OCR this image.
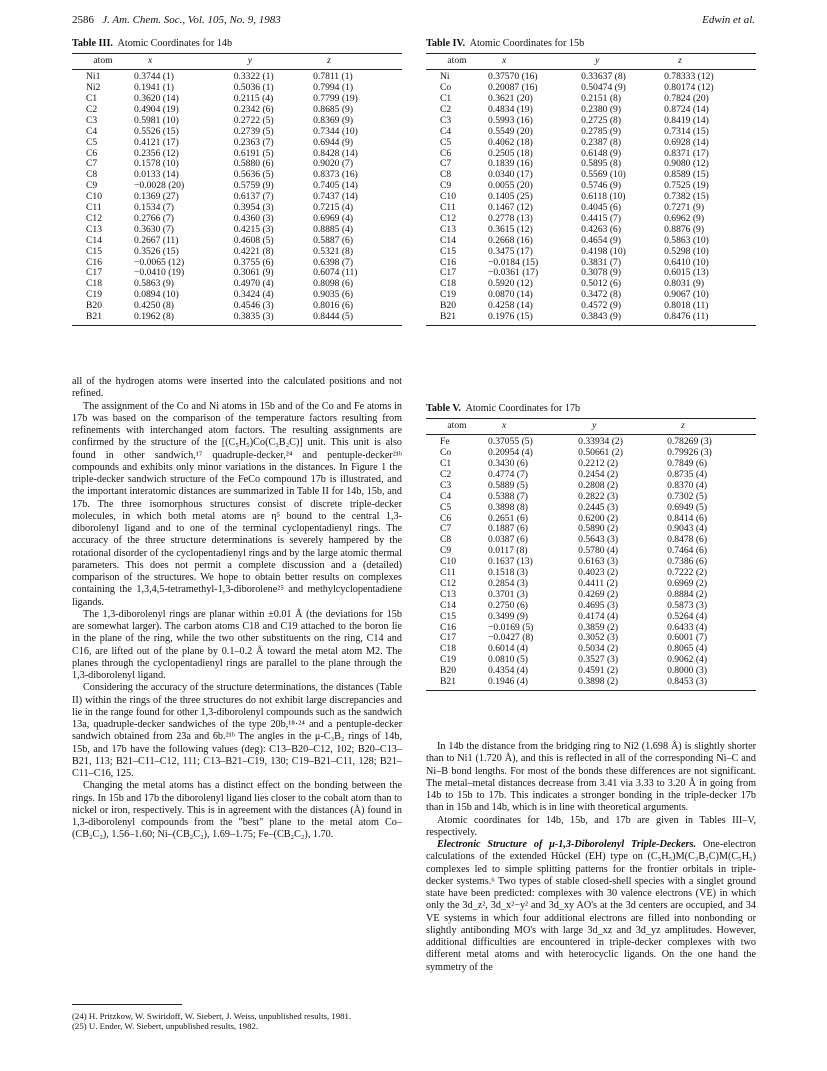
2586 J. Am. Chem. Soc., Vol. 105, No. 9, 1983	Edwin et al.
Table III. Atomic Coordinates for 14b
atom	x	y	z
Ni1	0.3744 (1)	0.3322 (1)	0.7811 (1)
Ni2	0.1941 (1)	0.5036 (1)	0.7994 (1)
C1	0.3620 (14)	0.2115 (4)	0.7799 (19)
C2	0.4904 (19)	0.2342 (6)	0.8685 (9)
C3	0.5981 (10)	0.2722 (5)	0.8369 (9)
C4	0.5526 (15)	0.2739 (5)	0.7344 (10)
C5	0.4121 (17)	0.2363 (7)	0.6944 (9)
C6	0.2356 (12)	0.6191 (5)	0.8428 (14)
C7	0.1578 (10)	0.5880 (6)	0.9020 (7)
C8	0.0133 (14)	0.5636 (5)	0.8373 (16)
C9	−0.0028 (20)	0.5759 (9)	0.7405 (14)
C10	0.1369 (27)	0.6137 (7)	0.7437 (14)
C11	0.1534 (7)	0.3954 (3)	0.7215 (4)
C12	0.2766 (7)	0.4360 (3)	0.6969 (4)
C13	0.3630 (7)	0.4215 (3)	0.8885 (4)
C14	0.2667 (11)	0.4608 (5)	0.5887 (6)
C15	0.3526 (15)	0.4221 (8)	0.5321 (8)
C16	−0.0065 (12)	0.3755 (6)	0.6398 (7)
C17	−0.0410 (19)	0.3061 (9)	0.6074 (11)
C18	0.5863 (9)	0.4970 (4)	0.8098 (6)
C19	0.0894 (10)	0.3424 (4)	0.9035 (6)
B20	0.4250 (8)	0.4546 (3)	0.8016 (6)
B21	0.1962 (8)	0.3835 (3)	0.8444 (5)
Table IV. Atomic Coordinates for 15b
atom	x	y	z
Ni	0.37570 (16)	0.33637 (8)	0.78333 (12)
Co	0.20087 (16)	0.50474 (9)	0.80174 (12)
C1	0.3621 (20)	0.2151 (8)	0.7824 (20)
C2	0.4834 (19)	0.2380 (9)	0.8724 (14)
C3	0.5993 (16)	0.2725 (8)	0.8419 (14)
C4	0.5549 (20)	0.2785 (9)	0.7314 (15)
C5	0.4062 (18)	0.2387 (8)	0.6928 (14)
C6	0.2505 (18)	0.6148 (9)	0.8371 (17)
C7	0.1839 (16)	0.5895 (8)	0.9080 (12)
C8	0.0340 (17)	0.5569 (10)	0.8589 (15)
C9	0.0055 (20)	0.5746 (9)	0.7525 (19)
C10	0.1405 (25)	0.6118 (10)	0.7382 (15)
C11	0.1467 (12)	0.4045 (6)	0.7271 (9)
C12	0.2778 (13)	0.4415 (7)	0.6962 (9)
C13	0.3615 (12)	0.4263 (6)	0.8876 (9)
C14	0.2668 (16)	0.4654 (9)	0.5863 (10)
C15	0.3475 (17)	0.4198 (10)	0.5298 (10)
C16	−0.0184 (15)	0.3831 (7)	0.6410 (10)
C17	−0.0361 (17)	0.3078 (9)	0.6015 (13)
C18	0.5920 (12)	0.5012 (6)	0.8031 (9)
C19	0.0870 (14)	0.3472 (8)	0.9067 (10)
B20	0.4258 (14)	0.4572 (9)	0.8018 (11)
B21	0.1976 (15)	0.3843 (9)	0.8476 (11)
Table V. Atomic Coordinates for 17b
atom	x	y	z
Fe	0.37055 (5)	0.33934 (2)	0.78269 (3)
Co	0.20954 (4)	0.50661 (2)	0.79926 (3)
C1	0.3430 (6)	0.2212 (2)	0.7849 (6)
C2	0.4774 (7)	0.2454 (2)	0.8735 (4)
C3	0.5889 (5)	0.2808 (2)	0.8370 (4)
C4	0.5388 (7)	0.2822 (3)	0.7302 (5)
C5	0.3898 (8)	0.2445 (3)	0.6949 (5)
C6	0.2651 (6)	0.6200 (2)	0.8414 (6)
C7	0.1887 (6)	0.5890 (2)	0.9043 (4)
C8	0.0387 (6)	0.5643 (3)	0.8478 (6)
C9	0.0117 (8)	0.5780 (4)	0.7464 (6)
C10	0.1637 (13)	0.6163 (3)	0.7386 (6)
C11	0.1518 (3)	0.4023 (2)	0.7222 (2)
C12	0.2854 (3)	0.4411 (2)	0.6969 (2)
C13	0.3701 (3)	0.4269 (2)	0.8884 (2)
C14	0.2750 (6)	0.4695 (3)	0.5873 (3)
C15	0.3499 (9)	0.4174 (4)	0.5264 (4)
C16	−0.0169 (5)	0.3859 (2)	0.6433 (4)
C17	−0.0427 (8)	0.3052 (3)	0.6001 (7)
C18	0.6014 (4)	0.5034 (2)	0.8065 (4)
C19	0.0810 (5)	0.3527 (3)	0.9062 (4)
B20	0.4354 (4)	0.4591 (2)	0.8000 (3)
B21	0.1946 (4)	0.3898 (2)	0.8453 (3)

all of the hydrogen atoms were inserted into the calculated positions and not refined.

The assignment of the Co and Ni atoms in 15b and of the Co and Fe atoms in 17b was based on the comparison of the temperature factors resulting from refinements with interchanged atom factors. The resulting assignments are confirmed by the structure of the [(C₅H₅)Co(C₃B₂C)] unit. This unit is also found in other sandwich,¹⁷ quadruple-decker,²⁴ and pentuple-decker²¹ᵇ compounds and exhibits only minor variations in the distances. In Figure 1 the triple-decker sandwich structure of the FeCo compound 17b is illustrated, and the important interatomic distances are summarized in Table II for 14b, 15b, and 17b. The three isomorphous structures consist of discrete triple-decker molecules, in which both metal atoms are η⁵ bound to the central 1,3-diborolenyl ligand and to one of the terminal cyclopentadienyl rings. The accuracy of the three structure determinations is severely hampered by the rotational disorder of the cyclopentadienyl rings and by the large atomic thermal parameters. This does not permit a complete discussion and a (detailed) comparison of the structures. We hope to obtain better results on complexes containing the 1,3,4,5-tetramethyl-1,3-diborolene²⁵ and methylcyclopentadiene ligands.

The 1,3-diborolenyl rings are planar within ±0.01 Å (the deviations for 15b are somewhat larger). The carbon atoms C18 and C19 attached to the boron lie in the plane of the ring, while the two other substituents on the ring, C14 and C16, are lifted out of the plane by 0.1–0.2 Å toward the metal atom M2. The planes through the cyclopentadienyl rings are parallel to the plane through the 1,3-diborolenyl ligand.

Considering the accuracy of the structure determinations, the distances (Table II) within the rings of the three structures do not exhibit large discrepancies and lie in the range found for other 1,3-diborolenyl compounds such as the sandwich 13a, quadruple-decker sandwiches of the type 20b,¹⁸·²⁴ and a pentuple-decker sandwich obtained from 23a and 6b.²¹ᵇ The angles in the μ-C₃B₂ rings of 14b, 15b, and 17b have the following values (deg): C13–B20–C12, 102; B20–C13–B21, 113; B21–C11–C12, 111; C13–B21–C19, 130; C19–B21–C11, 128; B21–C11–C16, 125.

Changing the metal atoms has a distinct effect on the bonding between the rings. In 15b and 17b the diborolenyl ligand lies closer to the cobalt atom than to nickel or iron, respectively. This is in agreement with the distances (Å) found in 1,3-diborolenyl compounds from the "best" plane to the metal atom Co–(CB₂C₂), 1.56–1.60; Ni–(CB₂C₂), 1.69–1.75; Fe–(CB₂C₂), 1.70.

(24) H. Pritzkow, W. Swiridoff, W. Siebert, J. Weiss, unpublished results, 1981.

(25) U. Ender, W. Siebert, unpublished results, 1982.

In 14b the distance from the bridging ring to Ni2 (1.698 Å) is slightly shorter than to Ni1 (1.720 Å), and this is reflected in all of the corresponding Ni–C and Ni–B bond lengths. For most of the bonds these differences are not significant. The metal–metal distances decrease from 3.41 via 3.33 to 3.20 Å in going from 14b to 15b to 17b. This indicates a stronger bonding in the triple-decker 17b than in 15b and 14b, which is in line with theoretical arguments.

Atomic coordinates for 14b, 15b, and 17b are given in Tables III–V, respectively.

Electronic Structure of μ-1,3-Diborolenyl Triple-Deckers. One-electron calculations of the extended Hückel (EH) type on (C₅H₅)M(C₃B₂C)M(C₅H₅) complexes led to simple splitting patterns for the frontier orbitals in triple-decker systems.⁶ Two types of stable closed-shell species with a singlet ground state have been predicted: complexes with 30 valence electrons (VE) in which only the 3d_z², 3d_x²−y² and 3d_xy AO's at the 3d centers are occupied, and 34 VE systems in which four additional electrons are filled into nonbonding or slightly antibonding MO's with large 3d_xz and 3d_yz amplitudes. However, additional difficulties are encountered in triple-decker complexes with two different metal atoms and with heterocyclic ligands. On the one hand the symmetry of the
